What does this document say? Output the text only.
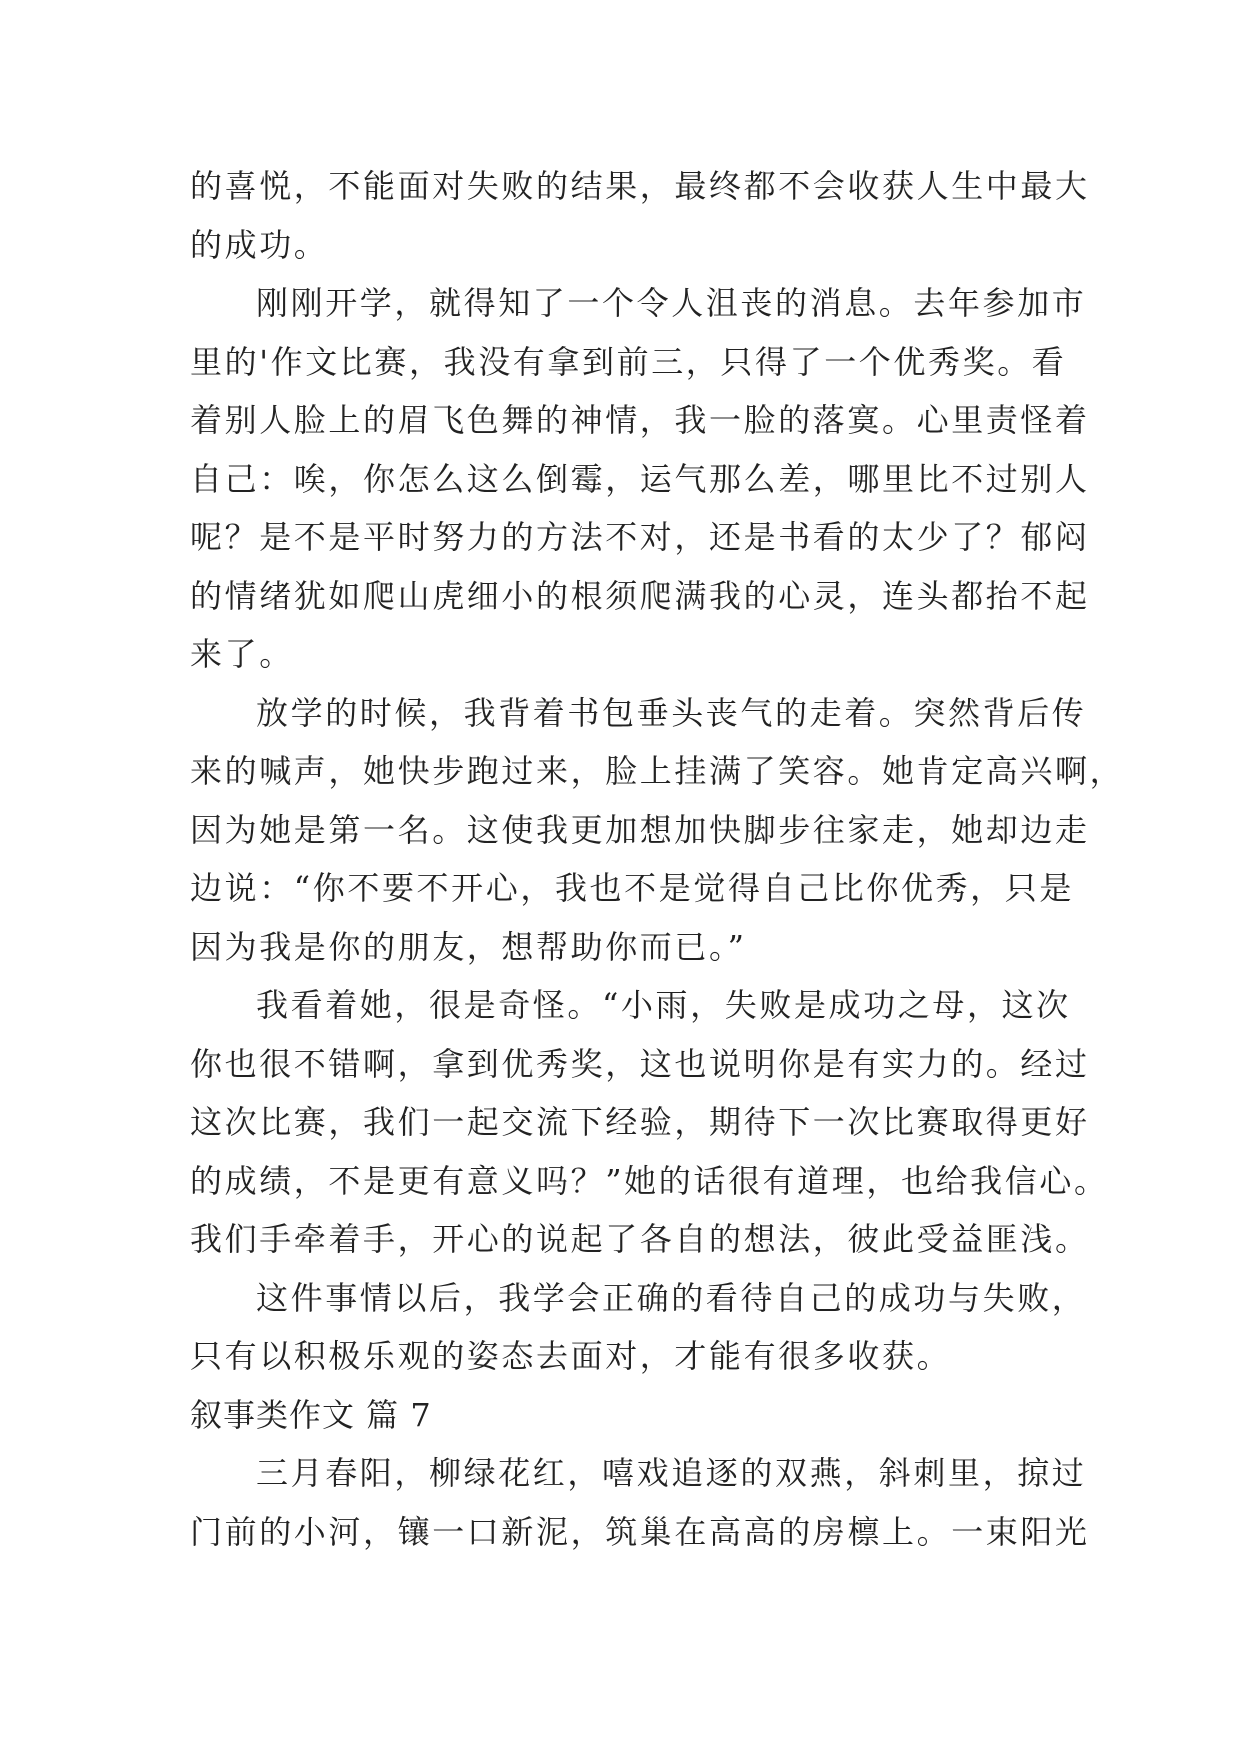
的喜悦，不能面对失败的结果，最终都不会收获人生中最大
的成功。
刚刚开学，就得知了一个令人沮丧的消息。去年参加市
里的'作文比赛，我没有拿到前三，只得了一个优秀奖。看
着别人脸上的眉飞色舞的神情，我一脸的落寞。心里责怪着
自己：唉，你怎么这么倒霉，运气那么差，哪里比不过别人
呢？是不是平时努力的方法不对，还是书看的太少了？郁闷
的情绪犹如爬山虎细小的根须爬满我的心灵，连头都抬不起
来了。
放学的时候，我背着书包垂头丧气的走着。突然背后传
来的喊声，她快步跑过来，脸上挂满了笑容。她肯定高兴啊，
因为她是第一名。这使我更加想加快脚步往家走，她却边走
边说：“你不要不开心，我也不是觉得自己比你优秀，只是
因为我是你的朋友，想帮助你而已。”
我看着她，很是奇怪。“小雨，失败是成功之母，这次
你也很不错啊，拿到优秀奖，这也说明你是有实力的。经过
这次比赛，我们一起交流下经验，期待下一次比赛取得更好
的成绩，不是更有意义吗？”她的话很有道理，也给我信心。
我们手牵着手，开心的说起了各自的想法，彼此受益匪浅。
这件事情以后，我学会正确的看待自己的成功与失败，
只有以积极乐观的姿态去面对，才能有很多收获。
叙事类作文 篇 7
三月春阳，柳绿花红，嘻戏追逐的双燕，斜刺里，掠过
门前的小河，镶一口新泥，筑巢在高高的房檩上。一束阳光
